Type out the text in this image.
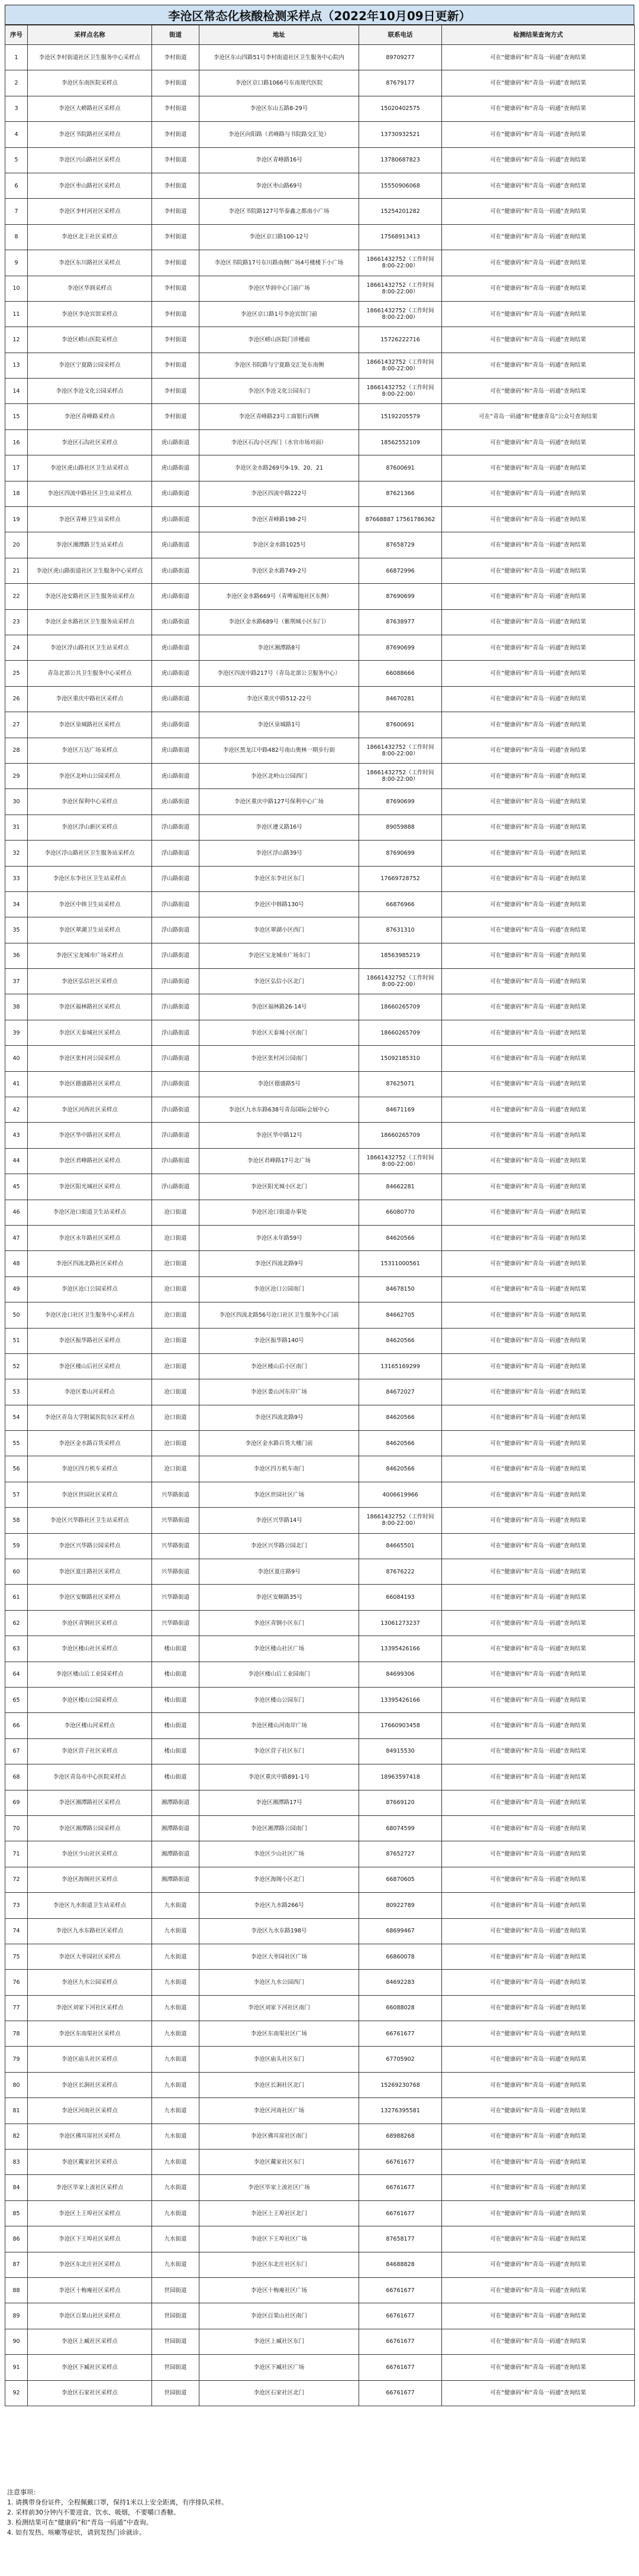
李沧区常态化核酸检测采样点（2022年10月09日更新）
序号	采样点名称	街道	地址	联系电话	检测结果查询方式
1	李沧区李村街道社区卫生服务中心采样点	李村街道	李沧区东山四路51号李村街道社区卫生服务中心院内	89709277	可在“健康码”和“青岛一码通”查询结果
2	李沧区东南医院采样点	李村街道	李沧区京口路1066号东南现代医院	87679177	可在“健康码”和“青岛一码通”查询结果
3	李沧区大崂路社区采样点	李村街道	李沧区东山五路8-29号	15020402575	可在“健康码”和“青岛一码通”查询结果
4	李沧区书院路社区采样点	李村街道	李沧区向阳路（君峰路与书院路交汇处）	13730932521	可在“健康码”和“青岛一码通”查询结果
5	李沧区兴山路社区采样点	李村街道	李沧区青峰路16号	13780687823	可在“健康码”和“青岛一码通”查询结果
6	李沧区枣山路社区采样点	李村街道	李沧区枣山路69号	15550906068	可在“健康码”和“青岛一码通”查询结果
7	李沧区李村河社区采样点	李村街道	李沧区书院路127号华泰鑫之都南小广场	15254201282	可在“健康码”和“青岛一码通”查询结果
8	李沧区北王社区采样点	李村街道	李沧区京口路100-12号	17568913413	可在“健康码”和“青岛一码通”查询结果
9	李沧区东川路社区采样点	李村街道	李沧区书院路17号东川路南侧广场4号楼楼下小广场	18661432752（工作时间8:00-22:00）	可在“健康码”和“青岛一码通”查询结果
10	李沧区华润采样点	李村街道	李沧区华润中心门前广场	18661432752（工作时间8:00-22:00）	可在“健康码”和“青岛一码通”查询结果
11	李沧区李沧宾馆采样点	李村街道	李沧区京口路1号李沧宾馆门前	18661432752（工作时间8:00-22:00）	可在“健康码”和“青岛一码通”查询结果
12	李沧区崂山医院采样点	李村街道	李沧区崂山医院门诊楼前	15726222716	可在“健康码”和“青岛一码通”查询结果
13	李沧区宁夏路公园采样点	李村街道	李沧区书院路与宁夏路交汇处东南侧	18661432752（工作时间8:00-22:00）	可在“健康码”和“青岛一码通”查询结果
14	李沧区李沧文化公园采样点	李村街道	李沧区李沧文化公园东门	18661432752（工作时间8:00-22:00）	可在“健康码”和“青岛一码通”查询结果
15	李沧区青峰路采样点	李村街道	李沧区青峰路23号工商银行西侧	15192205579	可在“青岛一码通”和“健康青岛”公众号查询结果
16	李沧区石沟社区采样点	虎山路街道	李沧区石沟小区西门（水官市场对面）	18562552109	可在“健康码”和“青岛一码通”查询结果
17	李沧区虎山路社区卫生站采样点	虎山路街道	李沧区金水路269号9-19、20、21	87600691	可在“健康码”和“青岛一码通”查询结果
18	李沧区四流中路社区卫生站采样点	虎山路街道	李沧区四流中路222号	87621366	可在“健康码”和“青岛一码通”查询结果
19	李沧区青峰卫生站采样点	虎山路街道	李沧区青峰路198-2号	87668887 17561786362	可在“健康码”和“青岛一码通”查询结果
20	李沧区湘潭路卫生站采样点	虎山路街道	李沧区金水路1025号	87658729	可在“健康码”和“青岛一码通”查询结果
21	李沧区虎山路街道社区卫生服务中心采样点	虎山路街道	李沧区金水路749-2号	66872996	可在“健康码”和“青岛一码通”查询结果
22	李沧区沧安路社区卫生服务站采样点	虎山路街道	李沧区金水路669号（青啤福地社区东侧）	87690699	可在“健康码”和“青岛一码通”查询结果
23	李沧区金水路社区卫生服务站采样点	虎山路街道	李沧区金水路689号（紫荆城小区东门）	87638977	可在“健康码”和“青岛一码通”查询结果
24	李沧区浮山路社区卫生站采样点	虎山路街道	李沧区湘潭路8号	87690699	可在“健康码”和“青岛一码通”查询结果
25	青岛北部公共卫生服务中心采样点	虎山路街道	李沧区四流中路217号（青岛北部公卫服务中心）	66088666	可在“健康码”和“青岛一码通”查询结果
26	李沧区重庆中路社区采样点	虎山路街道	李沧区重庆中路512-22号	84670281	可在“健康码”和“青岛一码通”查询结果
27	李沧区泉城路社区采样点	虎山路街道	李沧区泉城路1号	87600691	可在“健康码”和“青岛一码通”查询结果
28	李沧区万达广场采样点	虎山路街道	李沧区黑龙江中路482号南山奥林一期步行街	18661432752（工作时间8:00-22:00）	可在“健康码”和“青岛一码通”查询结果
29	李沧区北岭山公园采样点	虎山路街道	李沧区北岭山公园西门	18661432752（工作时间8:00-22:00）	可在“健康码”和“青岛一码通”查询结果
30	李沧区保利中心采样点	虎山路街道	李沧区重庆中路127号保利中心广场	87690699	可在“健康码”和“青岛一码通”查询结果
31	李沧区浮山新区采样点	浮山路街道	李沧区遵义路16号	89059888	可在“健康码”和“青岛一码通”查询结果
32	李沧区浮山路社区卫生服务站采样点	浮山路街道	李沧区浮山路39号	87690699	可在“健康码”和“青岛一码通”查询结果
33	李沧区东李社区卫生站采样点	浮山路街道	李沧区东李社区东门	17669728752	可在“健康码”和“青岛一码通”查询结果
34	李沧区中韩卫生站采样点	浮山路街道	李沧区中韩路130号	66876966	可在“健康码”和“青岛一码通”查询结果
35	李沧区翠湖卫生站采样点	浮山路街道	李沧区翠湖小区西门	87631310	可在“健康码”和“青岛一码通”查询结果
36	李沧区宝龙城市广场采样点	浮山路街道	李沧区宝龙城市广场东门	18563985219	可在“健康码”和“青岛一码通”查询结果
37	李沧区弘信社区采样点	浮山路街道	李沧区弘信小区北门	18661432752（工作时间8:00-22:00）	可在“健康码”和“青岛一码通”查询结果
38	李沧区福林路社区采样点	浮山路街道	李沧区福林路26-14号	18660265709	可在“健康码”和“青岛一码通”查询结果
39	李沧区天泰城社区采样点	浮山路街道	李沧区天泰城小区南门	18660265709	可在“健康码”和“青岛一码通”查询结果
40	李沧区张村河公园采样点	浮山路街道	李沧区张村河公园南门	15092185310	可在“健康码”和“青岛一码通”查询结果
41	李沧区德盛路社区采样点	浮山路街道	李沧区德盛路5号	87625071	可在“健康码”和“青岛一码通”查询结果
42	李沧区河西社区采样点	浮山路街道	李沧区九水东路638号青岛国际会展中心	84671169	可在“健康码”和“青岛一码通”查询结果
43	李沧区华中路社区采样点	浮山路街道	李沧区华中路12号	18660265709	可在“健康码”和“青岛一码通”查询结果
44	李沧区君峰路社区采样点	浮山路街道	李沧区君峰路17号北广场	18661432752（工作时间8:00-22:00）	可在“健康码”和“青岛一码通”查询结果
45	李沧区阳光城社区采样点	浮山路街道	李沧区阳光城小区北门	84662281	可在“健康码”和“青岛一码通”查询结果
46	李沧区沧口街道卫生站采样点	沧口街道	李沧区沧口街道办事处	66080770	可在“健康码”和“青岛一码通”查询结果
47	李沧区永年路社区采样点	沧口街道	李沧区永年路59号	84620566	可在“健康码”和“青岛一码通”查询结果
48	李沧区四流北路社区采样点	沧口街道	李沧区四流北路9号	15311000561	可在“健康码”和“青岛一码通”查询结果
49	李沧区沧口公园采样点	沧口街道	李沧区沧口公园南门	84678150	可在“健康码”和“青岛一码通”查询结果
50	李沧区沧口社区卫生服务中心采样点	沧口街道	李沧区四流北路56号沧口社区卫生服务中心门前	84662705	可在“健康码”和“青岛一码通”查询结果
51	李沧区振华路社区采样点	沧口街道	李沧区振华路140号	84620566	可在“健康码”和“青岛一码通”查询结果
52	李沧区楼山后社区采样点	沧口街道	李沧区楼山后小区南门	13165169299	可在“健康码”和“青岛一码通”查询结果
53	李沧区娄山河采样点	沧口街道	李沧区娄山河东岸广场	84672027	可在“健康码”和“青岛一码通”查询结果
54	李沧区青岛大学附属医院东区采样点	沧口街道	李沧区四流北路9号	84620566	可在“健康码”和“青岛一码通”查询结果
55	李沧区金水路百货采样点	沧口街道	李沧区金水路百货大楼门前	84620566	可在“健康码”和“青岛一码通”查询结果
56	李沧区四方机车采样点	沧口街道	李沧区四方机车南门	84620566	可在“健康码”和“青岛一码通”查询结果
57	李沧区世园社区采样点	兴华路街道	李沧区世园社区广场	4006619966	可在“健康码”和“青岛一码通”查询结果
58	李沧区兴华路社区卫生站采样点	兴华路街道	李沧区兴华路14号	18661432752（工作时间8:00-22:00）	可在“健康码”和“青岛一码通”查询结果
59	李沧区兴华路公园采样点	兴华路街道	李沧区兴华路公园北门	84665501	可在“健康码”和“青岛一码通”查询结果
60	李沧区夏庄路社区采样点	兴华路街道	李沧区夏庄路9号	87676222	可在“健康码”和“青岛一码通”查询结果
61	李沧区安顺路社区采样点	兴华路街道	李沧区安顺路35号	66084193	可在“健康码”和“青岛一码通”查询结果
62	李沧区青钢社区采样点	兴华路街道	李沧区青钢小区东门	13061273237	可在“健康码”和“青岛一码通”查询结果
63	李沧区楼山社区采样点	楼山街道	李沧区楼山社区广场	13395426166	可在“健康码”和“青岛一码通”查询结果
64	李沧区楼山后工业园采样点	楼山街道	李沧区楼山后工业园南门	84699306	可在“健康码”和“青岛一码通”查询结果
65	李沧区楼山公园采样点	楼山街道	李沧区楼山公园东门	13395426166	可在“健康码”和“青岛一码通”查询结果
66	李沧区楼山河采样点	楼山街道	李沧区楼山河南岸广场	17660903458	可在“健康码”和“青岛一码通”查询结果
67	李沧区营子社区采样点	楼山街道	李沧区营子社区东门	84915530	可在“健康码”和“青岛一码通”查询结果
68	李沧区青岛市中心医院采样点	楼山街道	李沧区重庆中路891-1号	18963597418	可在“健康码”和“青岛一码通”查询结果
69	李沧区湘潭路社区采样点	湘潭路街道	李沧区湘潭路17号	87669120	可在“健康码”和“青岛一码通”查询结果
70	李沧区湘潭路公园采样点	湘潭路街道	李沧区湘潭路公园南门	68074599	可在“健康码”和“青岛一码通”查询结果
71	李沧区少山社区采样点	湘潭路街道	李沧区少山社区广场	87652727	可在“健康码”和“青岛一码通”查询结果
72	李沧区海阁社区采样点	湘潭路街道	李沧区海阁小区北门	66870605	可在“健康码”和“青岛一码通”查询结果
73	李沧区九水街道卫生站采样点	九水街道	李沧区九水路266号	80922789	可在“健康码”和“青岛一码通”查询结果
74	李沧区九水东路社区采样点	九水街道	李沧区九水东路198号	68699467	可在“健康码”和“青岛一码通”查询结果
75	李沧区大枣园社区采样点	九水街道	李沧区大枣园社区广场	66860078	可在“健康码”和“青岛一码通”查询结果
76	李沧区九水公园采样点	九水街道	李沧区九水公园西门	84692283	可在“健康码”和“青岛一码通”查询结果
77	李沧区刘家下河社区采样点	九水街道	李沧区刘家下河社区南门	66088028	可在“健康码”和“青岛一码通”查询结果
78	李沧区东南渠社区采样点	九水街道	李沧区东南渠社区广场	66761677	可在“健康码”和“青岛一码通”查询结果
79	李沧区庙头社区采样点	九水街道	李沧区庙头社区东门	67705902	可在“健康码”和“青岛一码通”查询结果
80	李沧区长涧社区采样点	九水街道	李沧区长涧社区北门	15269230768	可在“健康码”和“青岛一码通”查询结果
81	李沧区河南社区采样点	九水街道	李沧区河南社区广场	13276395581	可在“健康码”和“青岛一码通”查询结果
82	李沧区佛耳崖社区采样点	九水街道	李沧区佛耳崖社区南门	68988268	可在“健康码”和“青岛一码通”查询结果
83	李沧区戴家社区采样点	九水街道	李沧区戴家社区东门	66761677	可在“健康码”和“青岛一码通”查询结果
84	李沧区毕家上流社区采样点	九水街道	李沧区毕家上流社区广场	66761677	可在“健康码”和“青岛一码通”查询结果
85	李沧区上王埠社区采样点	九水街道	李沧区上王埠社区北门	66761677	可在“健康码”和“青岛一码通”查询结果
86	李沧区下王埠社区采样点	九水街道	李沧区下王埠社区广场	87658177	可在“健康码”和“青岛一码通”查询结果
87	李沧区东北庄社区采样点	九水街道	李沧区东北庄社区东门	84688828	可在“健康码”和“青岛一码通”查询结果
88	李沧区十梅庵社区采样点	世园街道	李沧区十梅庵社区广场	66761677	可在“健康码”和“青岛一码通”查询结果
89	李沧区百果山社区采样点	世园街道	李沧区百果山社区南门	66761677	可在“健康码”和“青岛一码通”查询结果
90	李沧区上臧社区采样点	世园街道	李沧区上臧社区东门	66761677	可在“健康码”和“青岛一码通”查询结果
91	李沧区下臧社区采样点	世园街道	李沧区下臧社区广场	66761677	可在“健康码”和“青岛一码通”查询结果
92	李沧区石家社区采样点	世园街道	李沧区石家社区北门	66761677	可在“健康码”和“青岛一码通”查询结果
注意事项：
1. 请携带身份证件，全程佩戴口罩，保持1米以上安全距离，有序排队采样。
2. 采样前30分钟内不要进食、饮水、吸烟，不要嚼口香糖。
3. 检测结果可在“健康码”和“青岛一码通”中查询。
4. 如有发热、咳嗽等症状，请到发热门诊就诊。
